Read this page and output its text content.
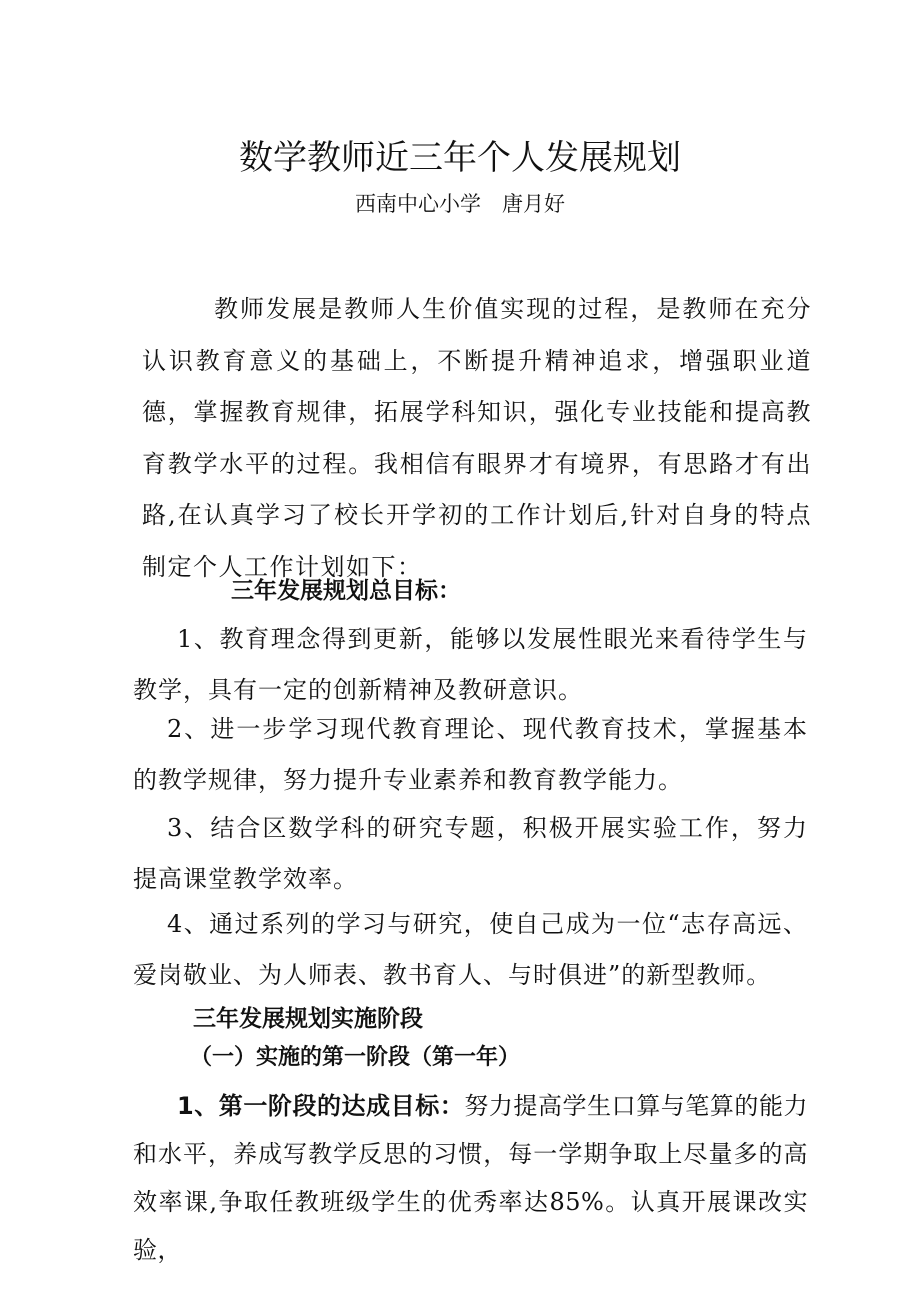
数学教师近三年个人发展规划
西南中心小学　唐月好
教师发展是教师人生价值实现的过程，是教师在充分认识教育意义的基础上，不断提升精神追求，增强职业道德，掌握教育规律，拓展学科知识，强化专业技能和提高教育教学水平的过程。我相信有眼界才有境界，有思路才有出路,在认真学习了校长开学初的工作计划后,针对自身的特点制定个人工作计划如下：
三年发展规划总目标：
1、教育理念得到更新，能够以发展性眼光来看待学生与教学，具有一定的创新精神及教研意识。
2、进一步学习现代教育理论、现代教育技术，掌握基本的教学规律，努力提升专业素养和教育教学能力。
3、结合区数学科的研究专题，积极开展实验工作，努力提高课堂教学效率。
4、通过系列的学习与研究，使自己成为一位“志存高远、爱岗敬业、为人师表、教书育人、与时俱进”的新型教师。
三年发展规划实施阶段
（一）实施的第一阶段（第一年）
1、第一阶段的达成目标：努力提高学生口算与笔算的能力和水平，养成写教学反思的习惯，每一学期争取上尽量多的高效率课,争取任教班级学生的优秀率达85%。认真开展课改实验，
